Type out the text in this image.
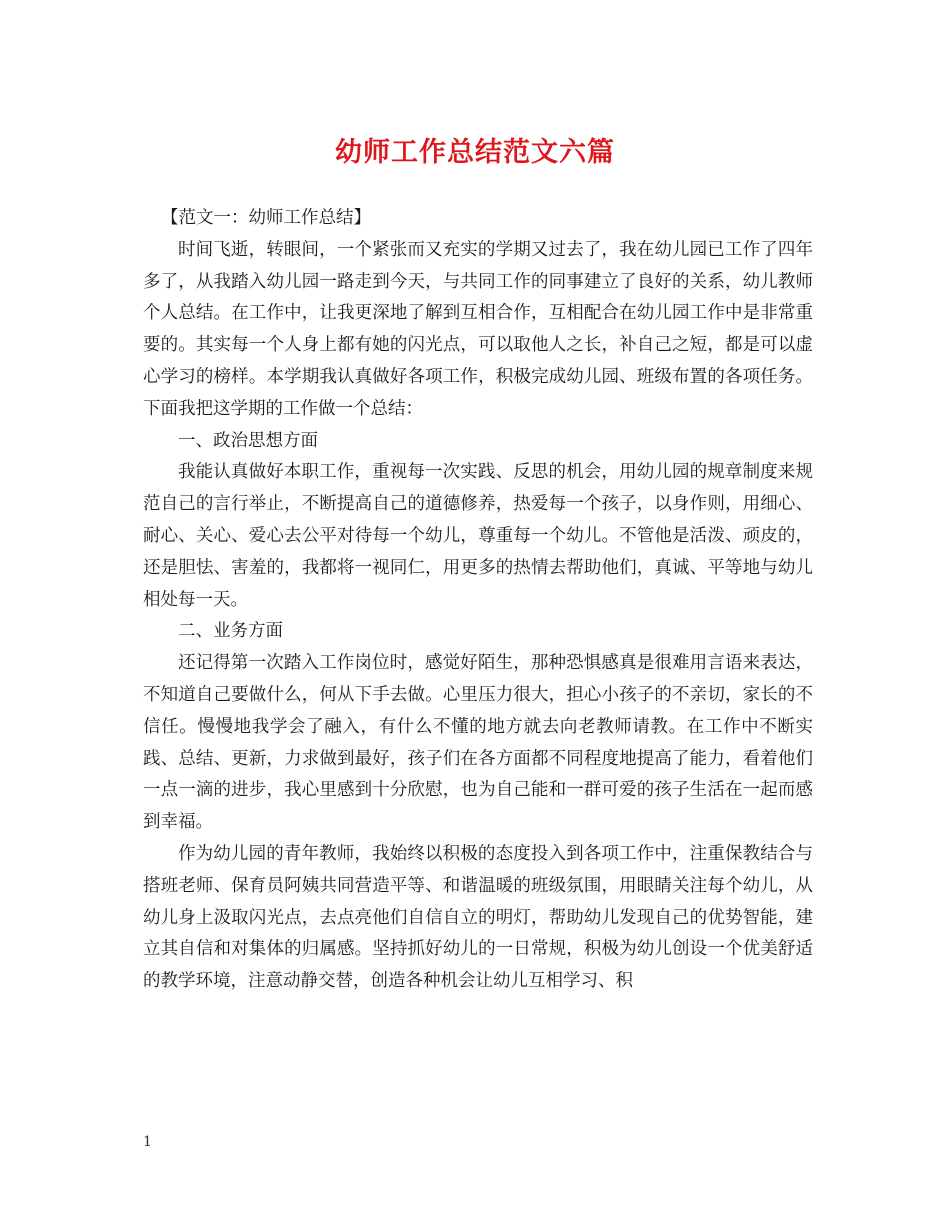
幼师工作总结范文六篇

【范文一：幼师工作总结】

时间飞逝，转眼间，一个紧张而又充实的学期又过去了，我在幼儿园已工作了四年多了，从我踏入幼儿园一路走到今天，与共同工作的同事建立了良好的关系，幼儿教师个人总结。在工作中，让我更深地了解到互相合作，互相配合在幼儿园工作中是非常重要的。其实每一个人身上都有她的闪光点，可以取他人之长，补自己之短，都是可以虚心学习的榜样。本学期我认真做好各项工作，积极完成幼儿园、班级布置的各项任务。下面我把这学期的工作做一个总结：

一、政治思想方面

我能认真做好本职工作，重视每一次实践、反思的机会，用幼儿园的规章制度来规范自己的言行举止，不断提高自己的道德修养，热爱每一个孩子，以身作则，用细心、耐心、关心、爱心去公平对待每一个幼儿，尊重每一个幼儿。不管他是活泼、顽皮的，还是胆怯、害羞的，我都将一视同仁，用更多的热情去帮助他们，真诚、平等地与幼儿相处每一天。

二、业务方面

还记得第一次踏入工作岗位时，感觉好陌生，那种恐惧感真是很难用言语来表达，不知道自己要做什么，何从下手去做。心里压力很大，担心小孩子的不亲切，家长的不信任。慢慢地我学会了融入，有什么不懂的地方就去向老教师请教。在工作中不断实践、总结、更新，力求做到最好，孩子们在各方面都不同程度地提高了能力，看着他们一点一滴的进步，我心里感到十分欣慰，也为自己能和一群可爱的孩子生活在一起而感到幸福。

作为幼儿园的青年教师，我始终以积极的态度投入到各项工作中，注重保教结合与搭班老师、保育员阿姨共同营造平等、和谐温暖的班级氛围，用眼睛关注每个幼儿，从幼儿身上汲取闪光点，去点亮他们自信自立的明灯，帮助幼儿发现自己的优势智能，建立其自信和对集体的归属感。坚持抓好幼儿的一日常规，积极为幼儿创设一个优美舒适的教学环境，注意动静交替，创造各种机会让幼儿互相学习、积

1
